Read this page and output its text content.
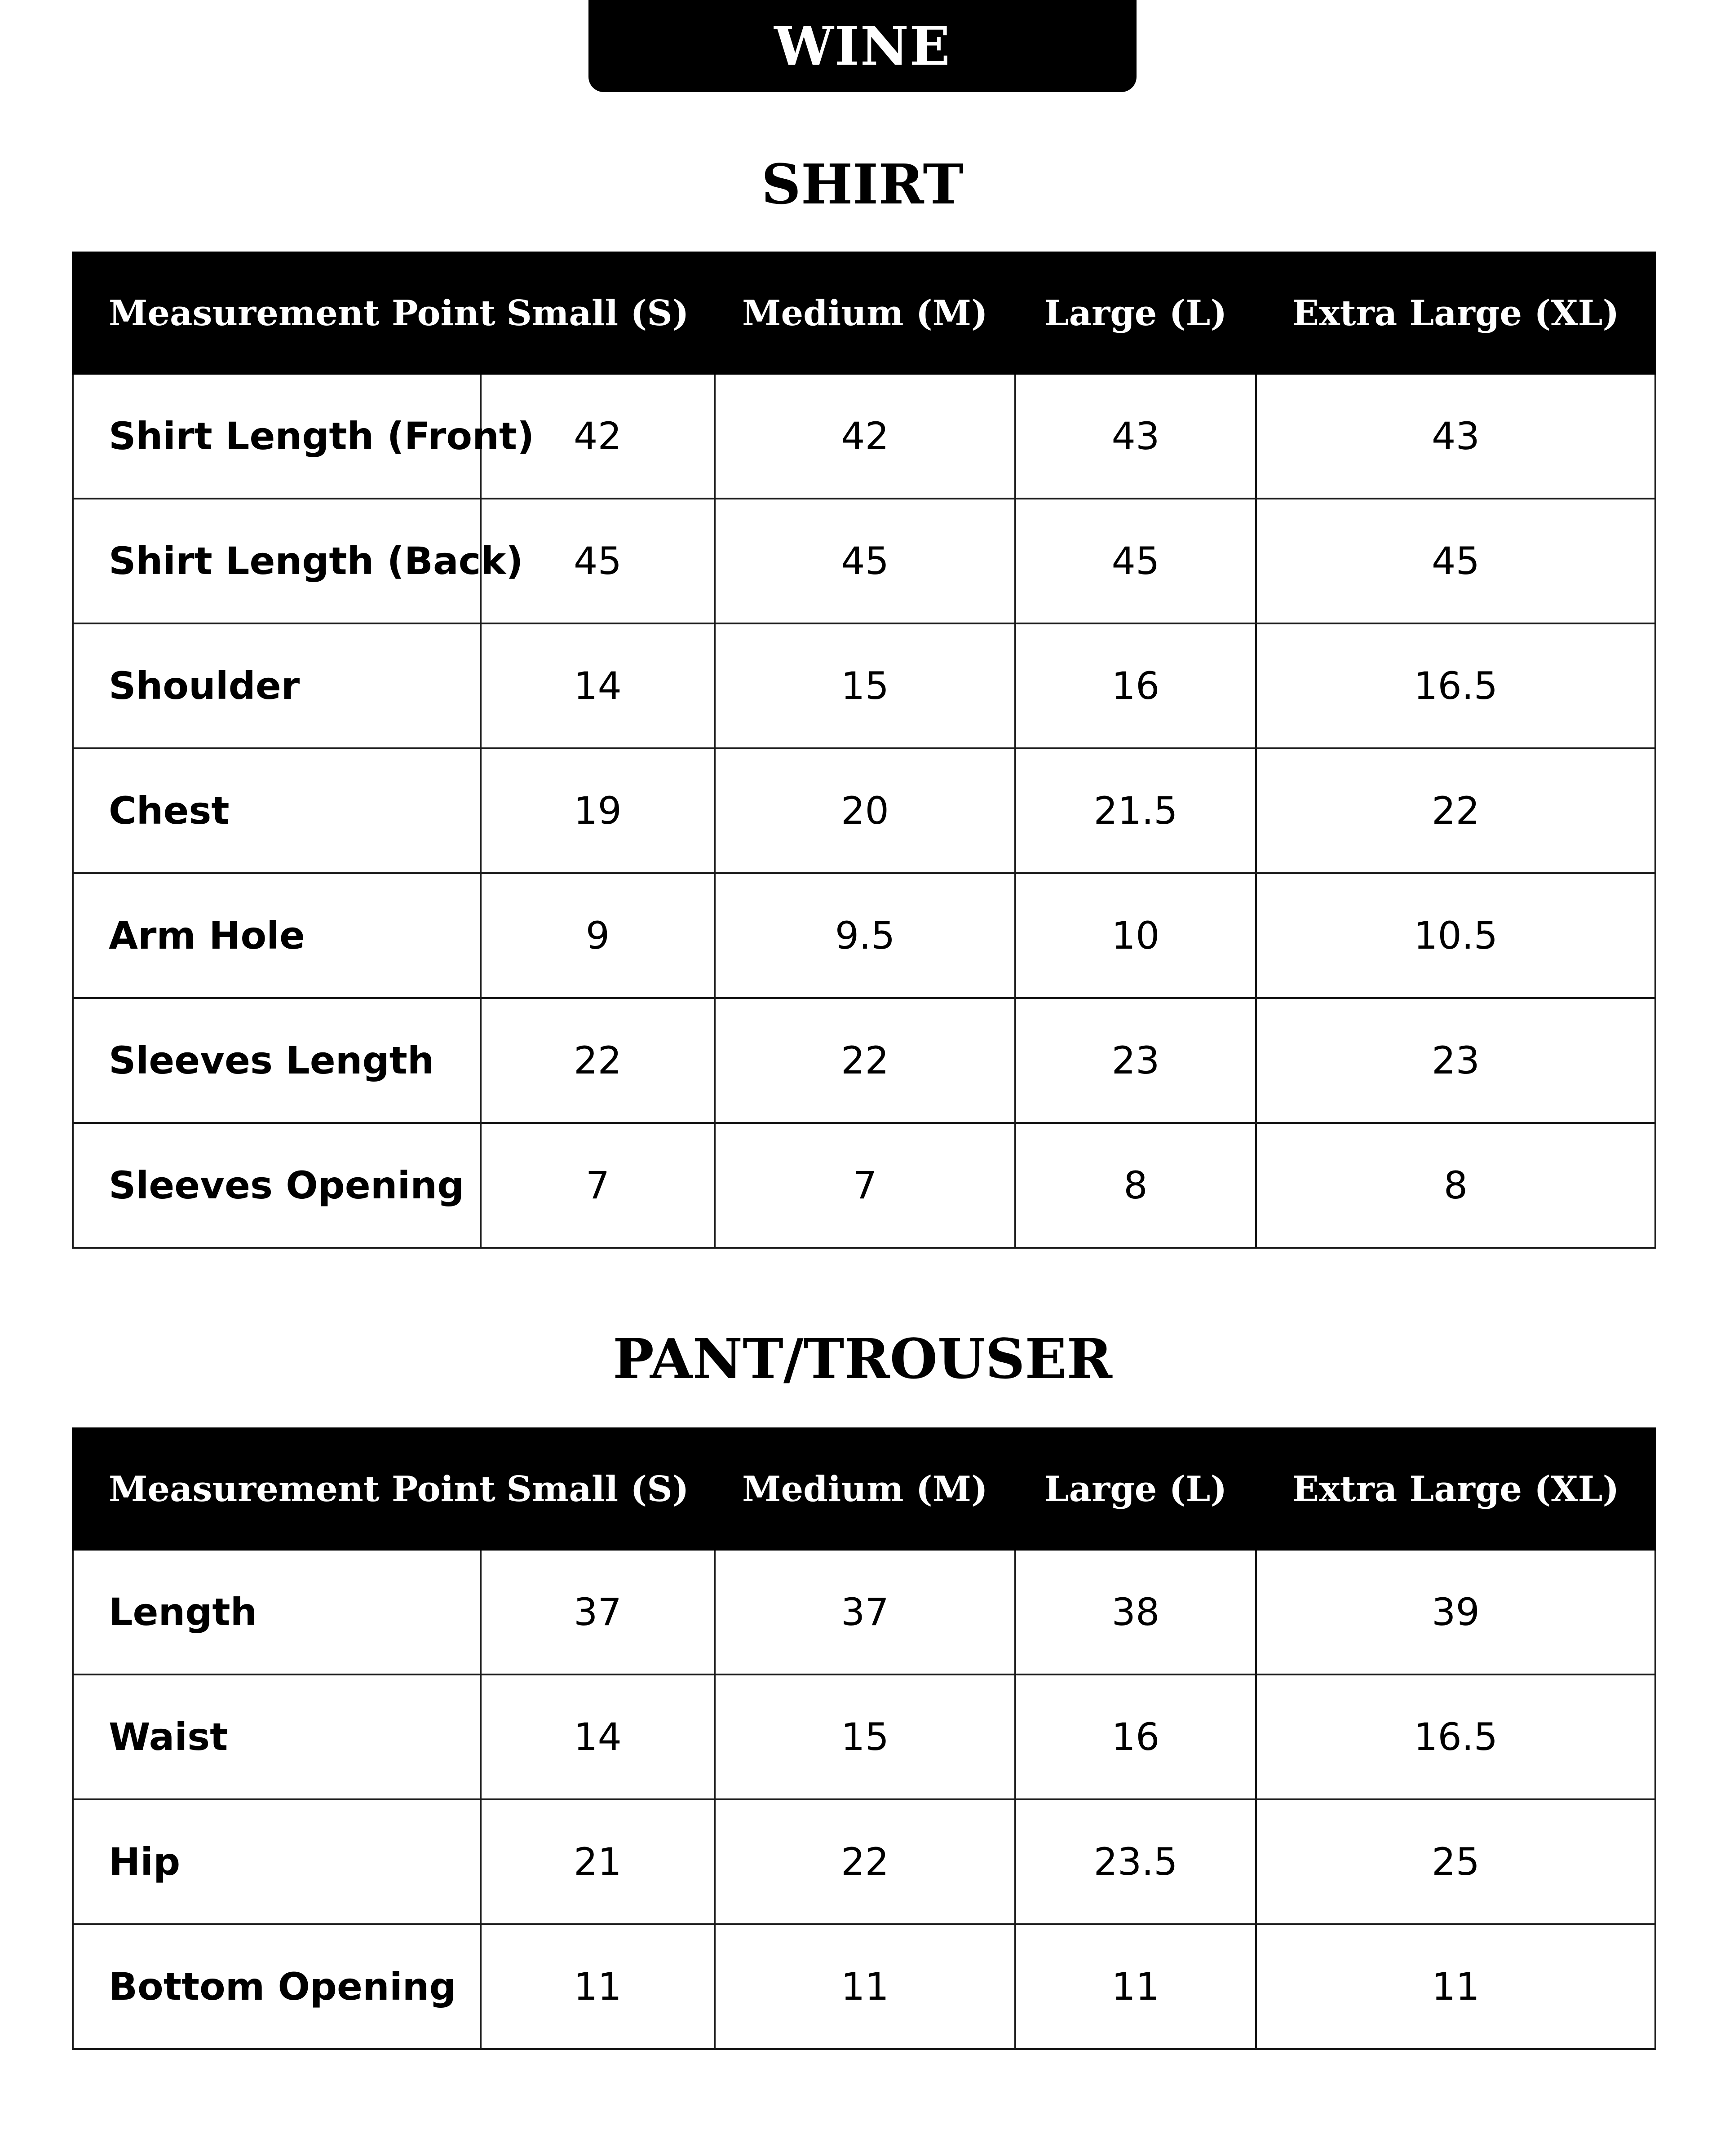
WINE
SHIRT
Measurement Point	Small (S)	Medium (M)	Large (L)	Extra Large (XL)
Shirt Length (Front)	42	42	43	43
Shirt Length (Back)	45	45	45	45
Shoulder	14	15	16	16.5
Chest	19	20	21.5	22
Arm Hole	9	9.5	10	10.5
Sleeves Length	22	22	23	23
Sleeves Opening	7	7	8	8
PANT/TROUSER
Measurement Point	Small (S)	Medium (M)	Large (L)	Extra Large (XL)
Length	37	37	38	39
Waist	14	15	16	16.5
Hip	21	22	23.5	25
Bottom Opening	11	11	11	11
